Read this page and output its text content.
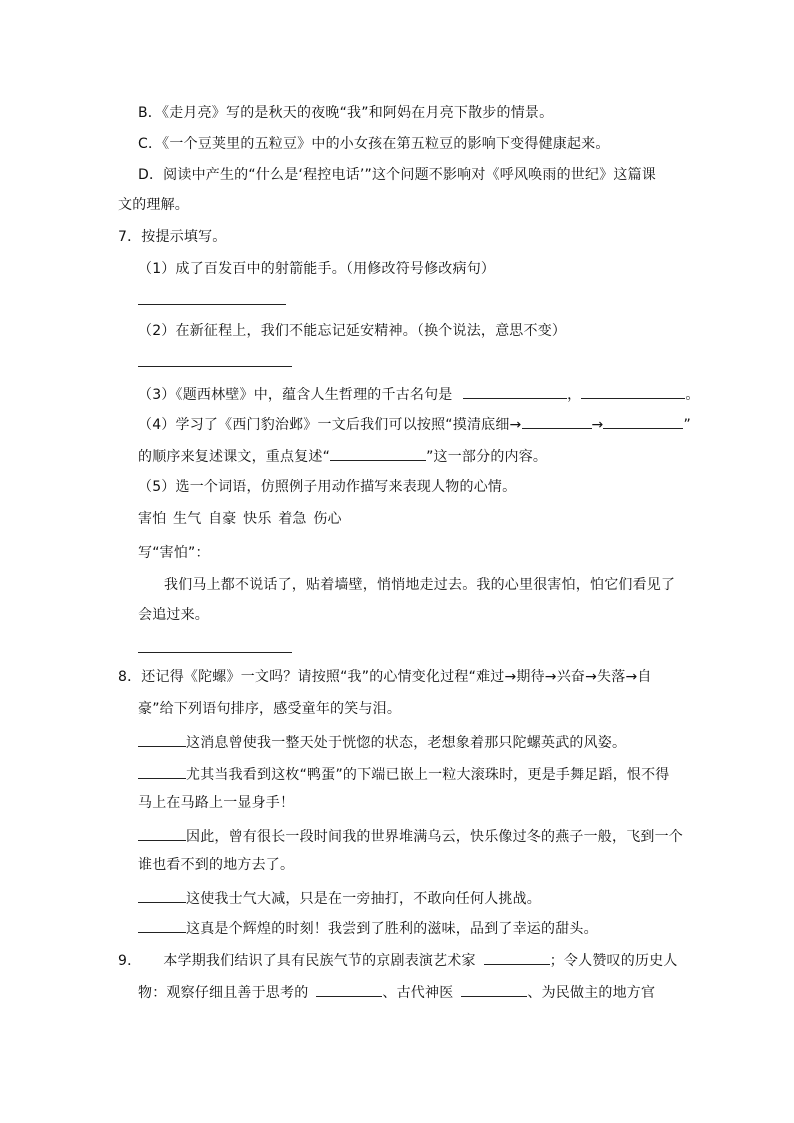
B．《走月亮》写的是秋天的夜晚“我”和阿妈在月亮下散步的情景。
C．《一个豆荚里的五粒豆》中的小女孩在第五粒豆的影响下变得健康起来。
D．阅读中产生的“什么是‘程控电话’”这个问题不影响对《呼风唤雨的世纪》这篇课
文的理解。
7．按提示填写。
（1）成了百发百中的射箭能手。（用修改符号修改病句）
（2）在新征程上，我们不能忘记延安精神。（换个说法，意思不变）
（3）《题西林壁》中，蕴含人生哲理的千古名句是	，	。
（4）学习了《西门豹治邺》一文后我们可以按照“摸清底细→	→	”
的顺序来复述课文，重点复述“	”这一部分的内容。
（5）选一个词语，仿照例子用动作描写来表现人物的心情。
害怕 生气 自豪 快乐 着急 伤心
写“害怕”：
我们马上都不说话了，贴着墙壁，悄悄地走过去。我的心里很害怕，怕它们看见了
会追过来。
8．还记得《陀螺》一文吗？请按照“我”的心情变化过程“难过→期待→兴奋→失落→自
豪”给下列语句排序，感受童年的笑与泪。
这消息曾使我一整天处于恍惚的状态，老想象着那只陀螺英武的风姿。
尤其当我看到这枚“鸭蛋”的下端已嵌上一粒大滚珠时，更是手舞足蹈，恨不得
马上在马路上一显身手！
因此，曾有很长一段时间我的世界堆满乌云，快乐像过冬的燕子一般，飞到一个
谁也看不到的地方去了。
这使我士气大减，只是在一旁抽打，不敢向任何人挑战。
这真是个辉煌的时刻！我尝到了胜利的滋味，品到了幸运的甜头。
9． 本学期我们结识了具有民族气节的京剧表演艺术家	；令人赞叹的历史人
物：观察仔细且善于思考的	、古代神医	、为民做主的地方官
